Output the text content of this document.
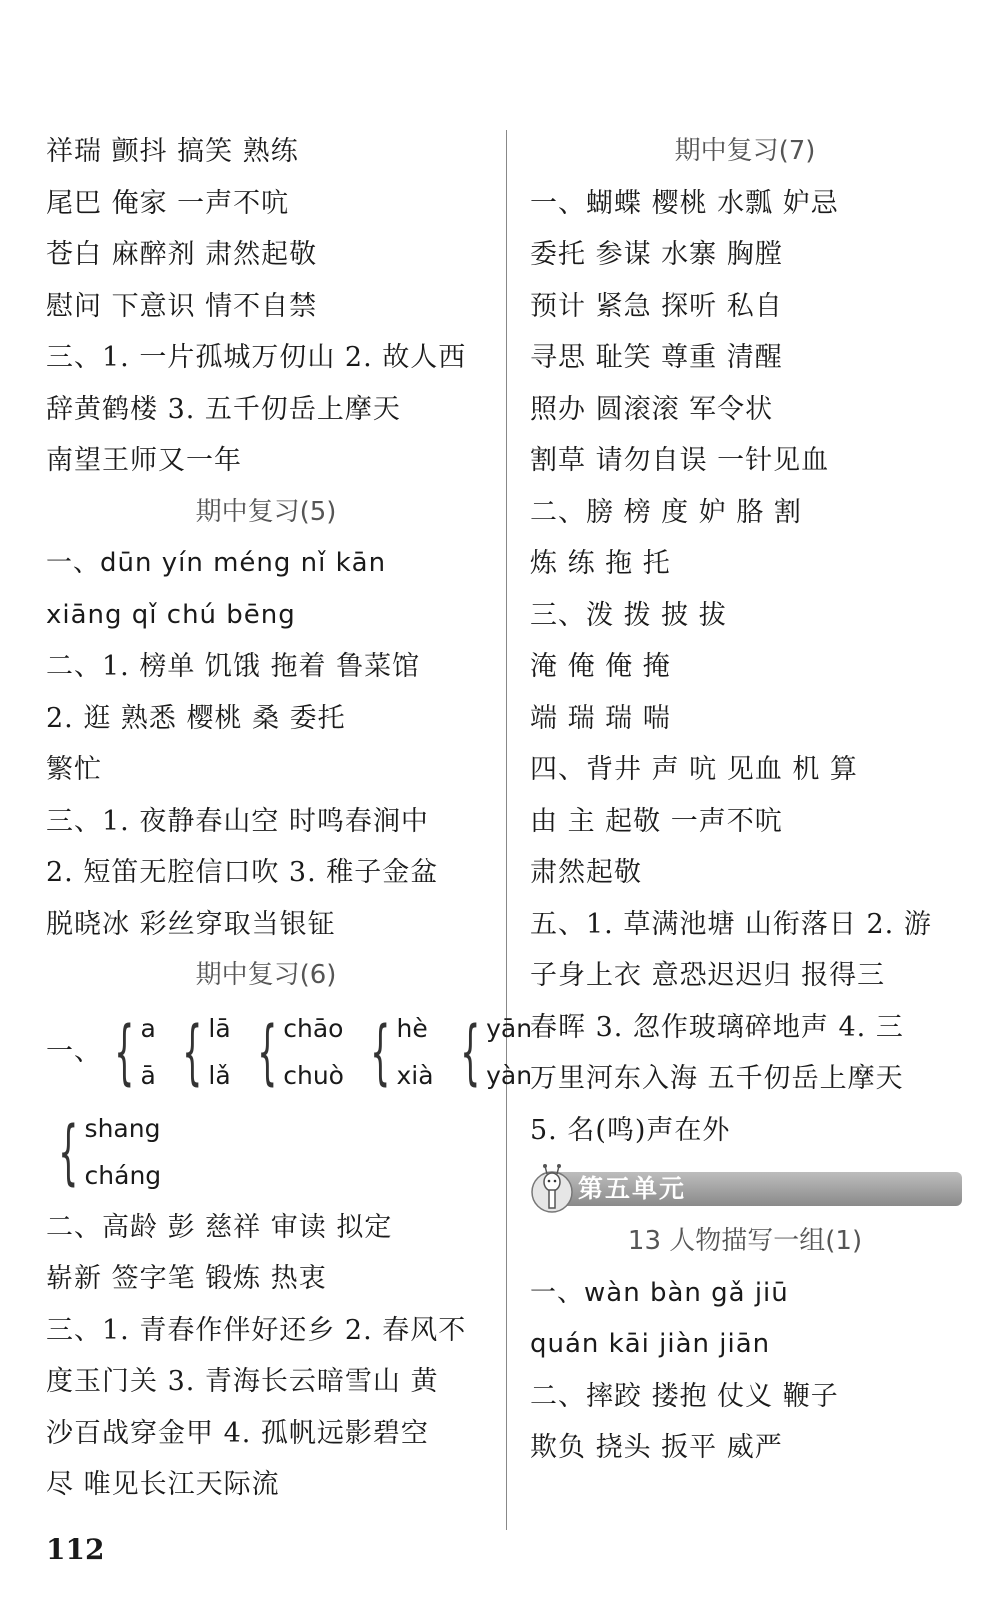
祥瑞 颤抖 搞笑 熟练
尾巴 俺家 一声不吭
苍白 麻醉剂 肃然起敬
慰问 下意识 情不自禁
三、1. 一片孤城万仞山 2. 故人西
辞黄鹤楼 3. 五千仞岳上摩天
南望王师又一年
期中复习(5)
一、dūn yín méng nǐ kān
xiāng qǐ chú bēng
二、1. 榜单 饥饿 拖着 鲁菜馆
2. 逛 熟悉 樱桃 桑 委托
繁忙
三、1. 夜静春山空 时鸣春涧中
2. 短笛无腔信口吹 3. 稚子金盆
脱晓冰 彩丝穿取当银钲
期中复习(6)
一、 { a
ā { lā
lǎ { chāo
chuò { hè
xià { yān
yàn
{ shang
cháng
二、高龄 彭 慈祥 审读 拟定
崭新 签字笔 锻炼 热衷
三、1. 青春作伴好还乡 2. 春风不
度玉门关 3. 青海长云暗雪山 黄
沙百战穿金甲 4. 孤帆远影碧空
尽 唯见长江天际流
期中复习(7)
一、蝴蝶 樱桃 水瓢 妒忌
委托 参谋 水寨 胸膛
预计 紧急 探听 私自
寻思 耻笑 尊重 清醒
照办 圆滚滚 军令状
割草 请勿自误 一针见血
二、膀 榜 度 妒 胳 割
炼 练 拖 托
三、泼 拨 披 拔
淹 俺 俺 掩
端 瑞 瑞 喘
四、背井 声 吭 见血 机 算
由 主 起敬 一声不吭
肃然起敬
五、1. 草满池塘 山衔落日 2. 游
子身上衣 意恐迟迟归 报得三
春晖 3. 忽作玻璃碎地声 4. 三
万里河东入海 五千仞岳上摩天
5. 名(鸣)声在外
第五单元
13 人物描写一组(1)
一、wàn bàn gǎ jiū
quán kāi jiàn jiān
二、摔跤 搂抱 仗义 鞭子
欺负 挠头 扳平 威严
112
